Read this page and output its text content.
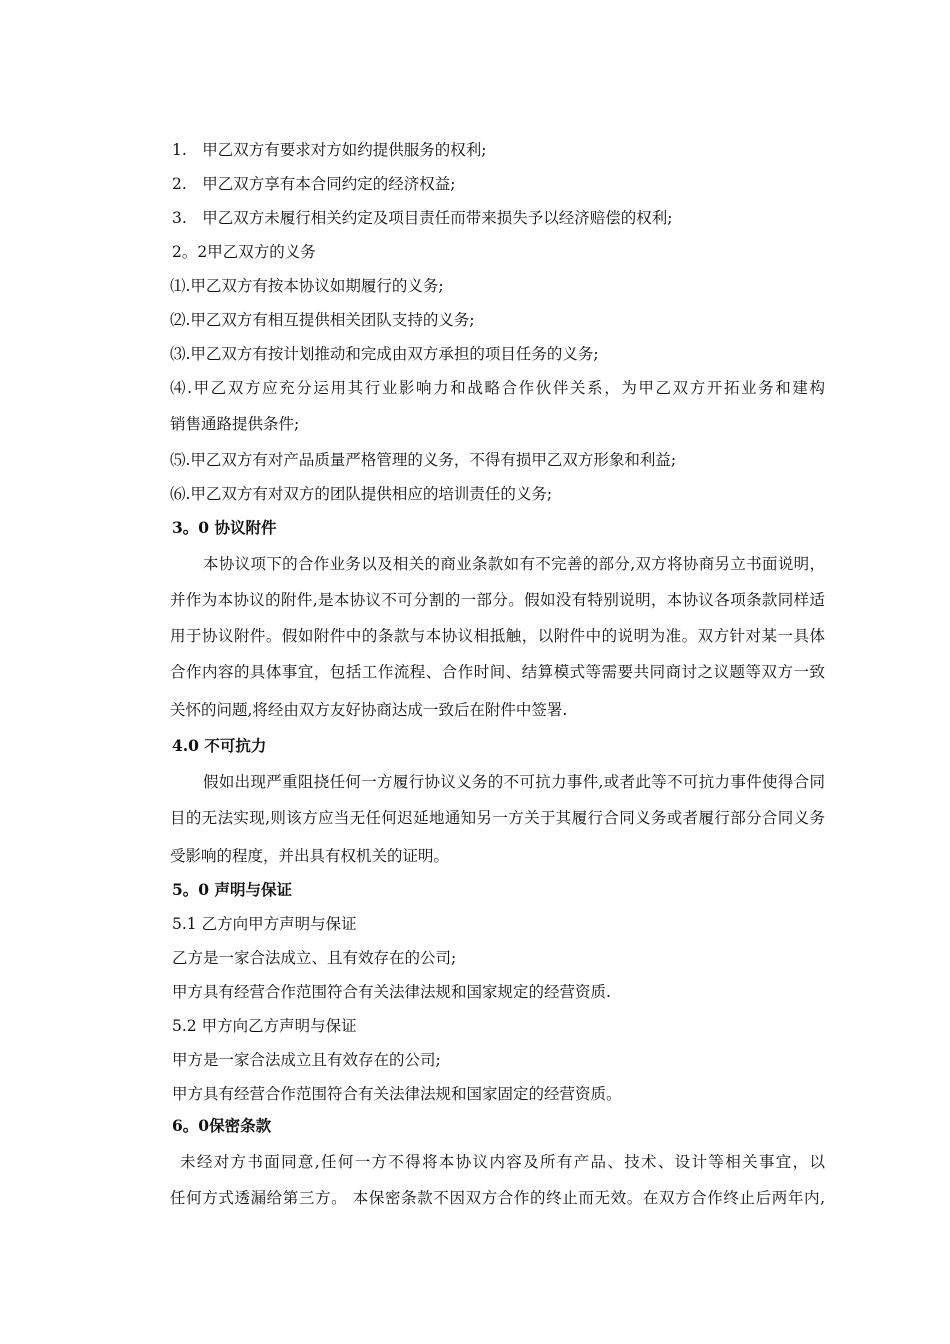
1.　甲乙双方有要求对方如约提供服务的权利;
2.　甲乙双方享有本合同约定的经济权益;
3.　甲乙双方未履行相关约定及项目责任而带来损失予以经济赔偿的权利;
2。2甲乙双方的义务
⑴.甲乙双方有按本协议如期履行的义务;
⑵.甲乙双方有相互提供相关团队支持的义务;
⑶.甲乙双方有按计划推动和完成由双方承担的项目任务的义务;
⑷.甲乙双方应充分运用其行业影响力和战略合作伙伴关系，为甲乙双方开拓业务和建构
销售通路提供条件;
⑸.甲乙双方有对产品质量严格管理的义务，不得有损甲乙双方形象和利益;
⑹.甲乙双方有对双方的团队提供相应的培训责任的义务;
3。0 协议附件
本协议项下的合作业务以及相关的商业条款如有不完善的部分,双方将协商另立书面说明，
并作为本协议的附件,是本协议不可分割的一部分。假如没有特别说明，本协议各项条款同样适
用于协议附件。假如附件中的条款与本协议相抵触，以附件中的说明为准。双方针对某一具体
合作内容的具体事宜，包括工作流程、合作时间、结算模式等需要共同商讨之议题等双方一致
关怀的问题,将经由双方友好协商达成一致后在附件中签署.
4.0 不可抗力
假如出现严重阻挠任何一方履行协议义务的不可抗力事件,或者此等不可抗力事件使得合同
目的无法实现,则该方应当无任何迟延地通知另一方关于其履行合同义务或者履行部分合同义务
受影响的程度，并出具有权机关的证明。
5。0 声明与保证
5.1 乙方向甲方声明与保证
乙方是一家合法成立、且有效存在的公司;
甲方具有经营合作范围符合有关法律法规和国家规定的经营资质.
5.2 甲方向乙方声明与保证
甲方是一家合法成立且有效存在的公司;
甲方具有经营合作范围符合有关法律法规和国家固定的经营资质。
6。0保密条款
未经对方书面同意,任何一方不得将本协议内容及所有产品、技术、设计等相关事宜，以
任何方式透漏给第三方。 本保密条款不因双方合作的终止而无效。在双方合作终止后两年内,
